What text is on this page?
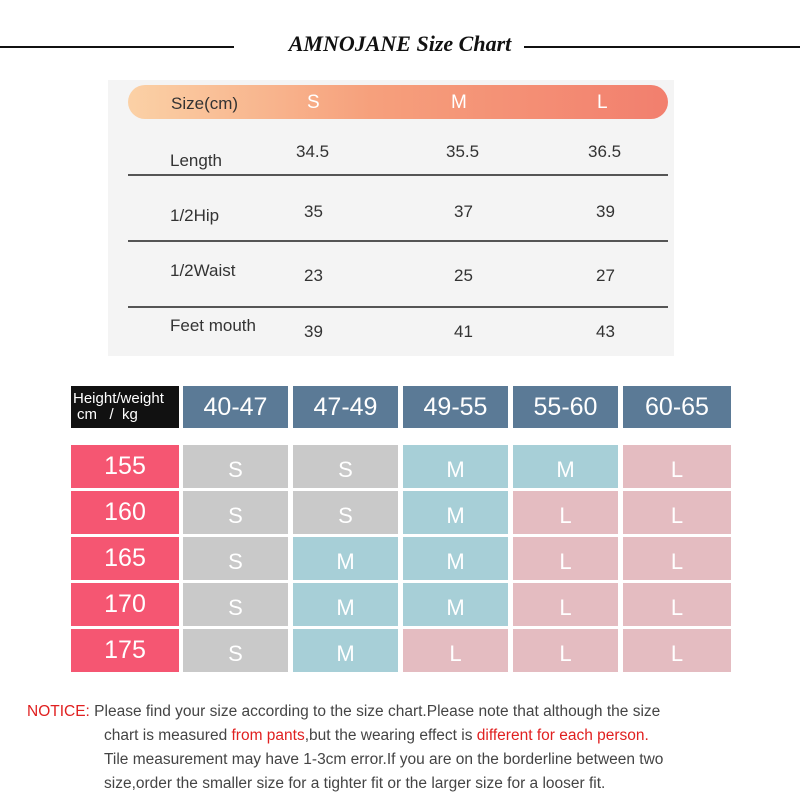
AMNOJANE Size Chart
Size(cm)	S	M	L
Length	34.5	35.5	36.5
1/2Hip	35	37	39
1/2Waist	23	25	27
Feet mouth	39	41	43
Height/weight
cm   /  kg	40-47	47-49	49-55	55-60	60-65
155	S	S	M	M	L
160	S	S	M	L	L
165	S	M	M	L	L
170	S	M	M	L	L
175	S	M	L	L	L
NOTICE: Please find your size according to the size chart.Please note that although the size
chart is measured from pants,but the wearing effect is different for each person.
Tile measurement may have 1-3cm error.If you are on the borderline between two
size,order the smaller size for a tighter fit or the larger size for a looser fit.
